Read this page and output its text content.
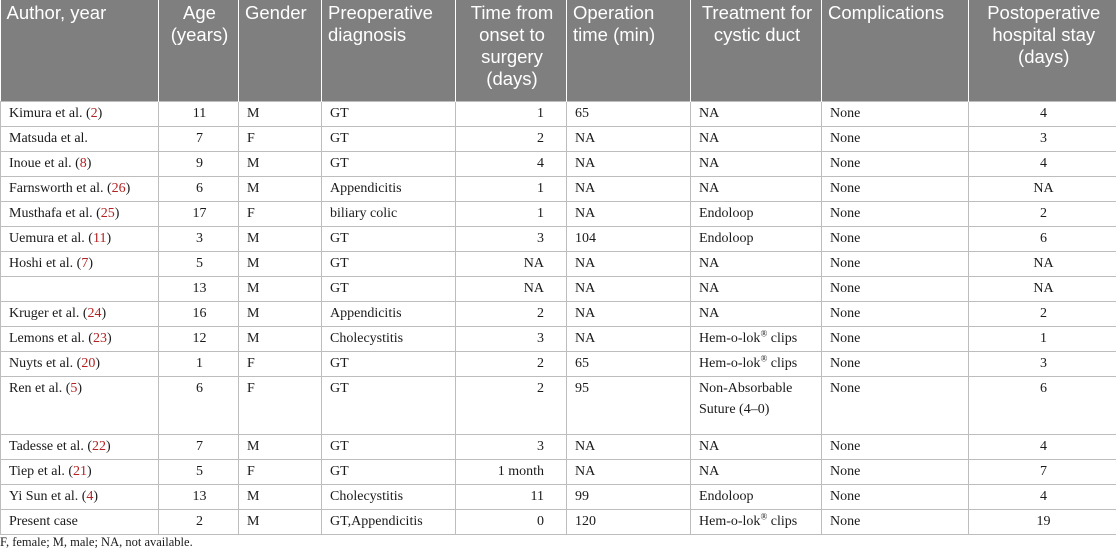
Author, year	Age (years)	Gender	Preoperative diagnosis	Time from onset to surgery (days)	Operation time (min)	Treatment for cystic duct	Complications	Postoperative hospital stay (days)
Kimura et al. (2)	11	M	GT	1	65	NA	None	4
Matsuda et al.	7	F	GT	2	NA	NA	None	3
Inoue et al. (8)	9	M	GT	4	NA	NA	None	4
Farnsworth et al. (26)	6	M	Appendicitis	1	NA	NA	None	NA
Musthafa et al. (25)	17	F	biliary colic	1	NA	Endoloop	None	2
Uemura et al. (11)	3	M	GT	3	104	Endoloop	None	6
Hoshi et al. (7)	5	M	GT	NA	NA	NA	None	NA
	13	M	GT	NA	NA	NA	None	NA
Kruger et al. (24)	16	M	Appendicitis	2	NA	NA	None	2
Lemons et al. (23)	12	M	Cholecystitis	3	NA	Hem-o-lok® clips	None	1
Nuyts et al. (20)	1	F	GT	2	65	Hem-o-lok® clips	None	3
Ren et al. (5)	6	F	GT	2	95	Non-Absorbable Suture (4–0)	None	6
Tadesse et al. (22)	7	M	GT	3	NA	NA	None	4
Tiep et al. (21)	5	F	GT	1 month	NA	NA	None	7
Yi Sun et al. (4)	13	M	Cholecystitis	11	99	Endoloop	None	4
Present case	2	M	GT,Appendicitis	0	120	Hem-o-lok® clips	None	19
F, female; M, male; NA, not available.
